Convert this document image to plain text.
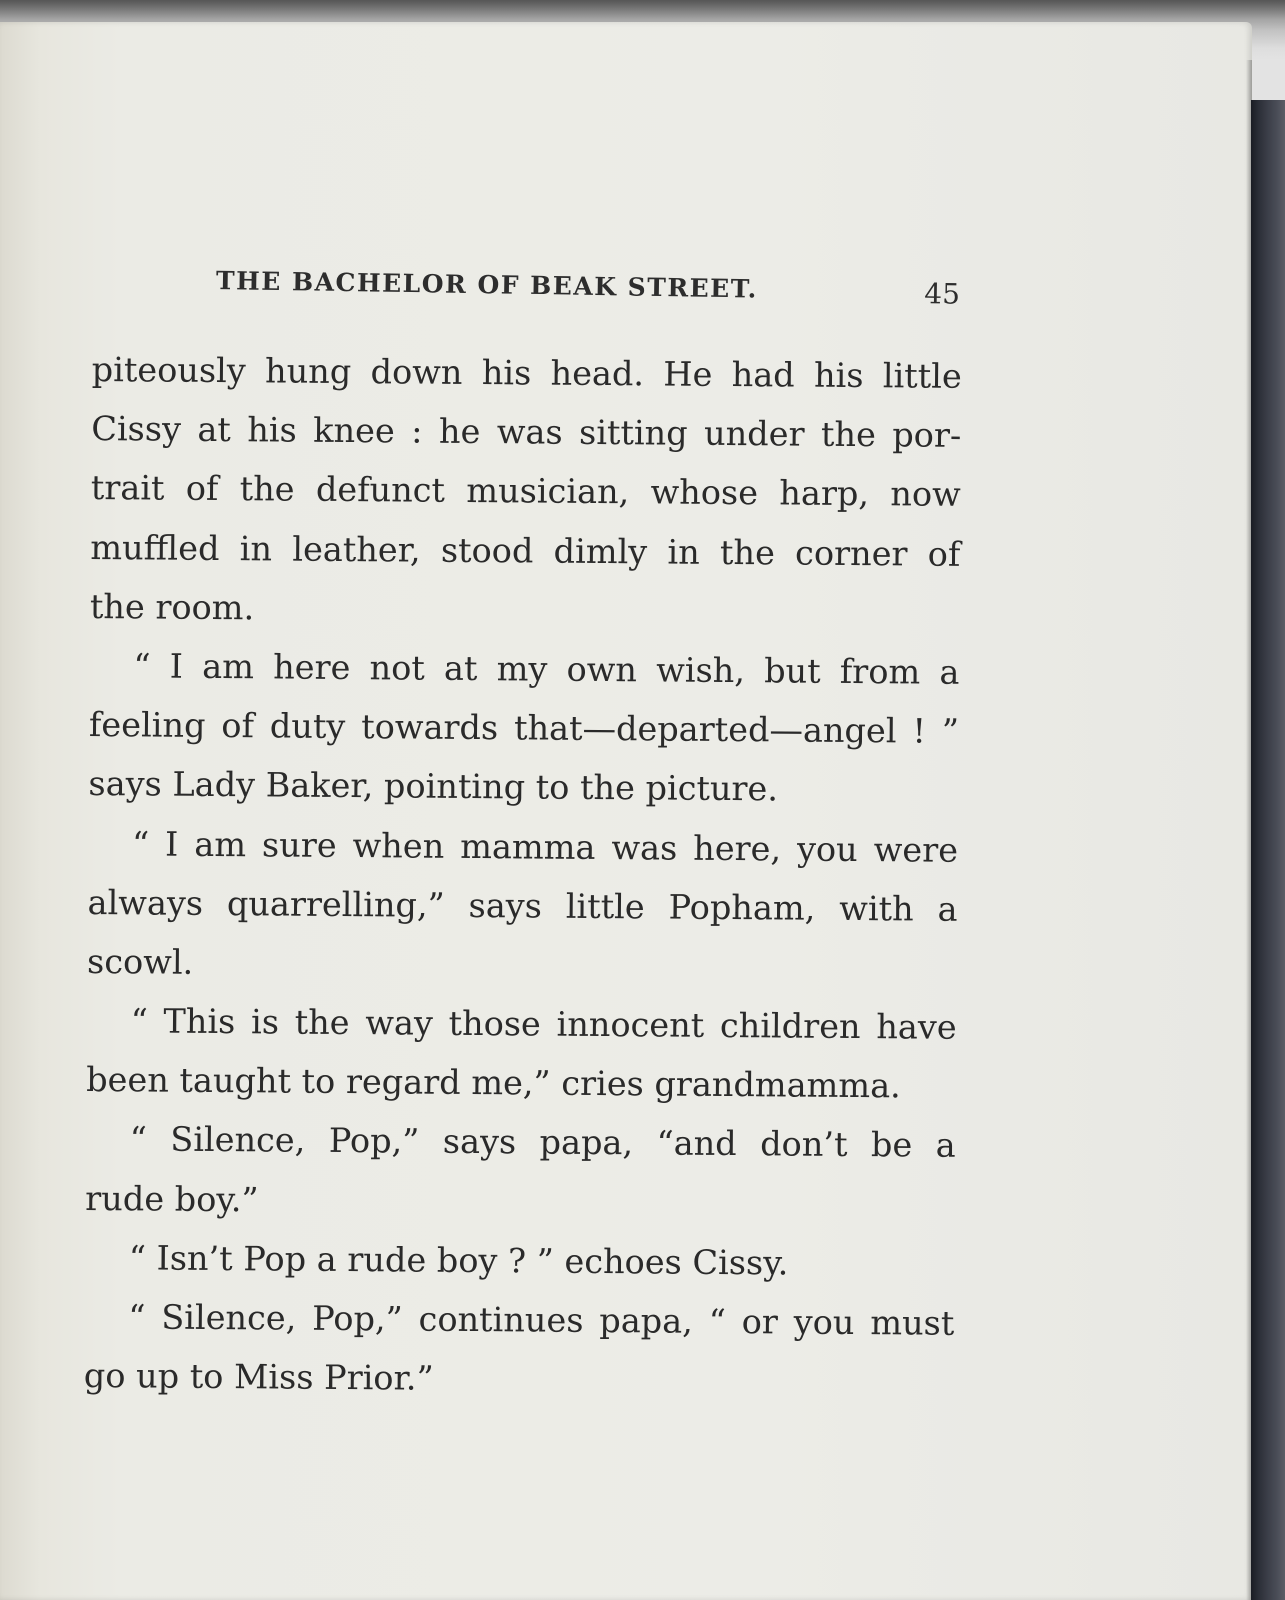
THE BACHELOR OF BEAK STREET.	45
piteously hung down his head. He had his little
Cissy at his knee : he was sitting under the por-
trait of the defunct musician, whose harp, now
muffled in leather, stood dimly in the corner of
the room.
“ I am here not at my own wish, but from a
feeling of duty towards that—departed—angel ! ”
says Lady Baker, pointing to the picture.
“ I am sure when mamma was here, you were
always quarrelling,” says little Popham, with a
scowl.
“ This is the way those innocent children have
been taught to regard me,” cries grandmamma.
“ Silence, Pop,” says papa, “and don’t be a
rude boy.”
“ Isn’t Pop a rude boy ? ” echoes Cissy.
“ Silence, Pop,” continues papa, “ or you must
go up to Miss Prior.”
